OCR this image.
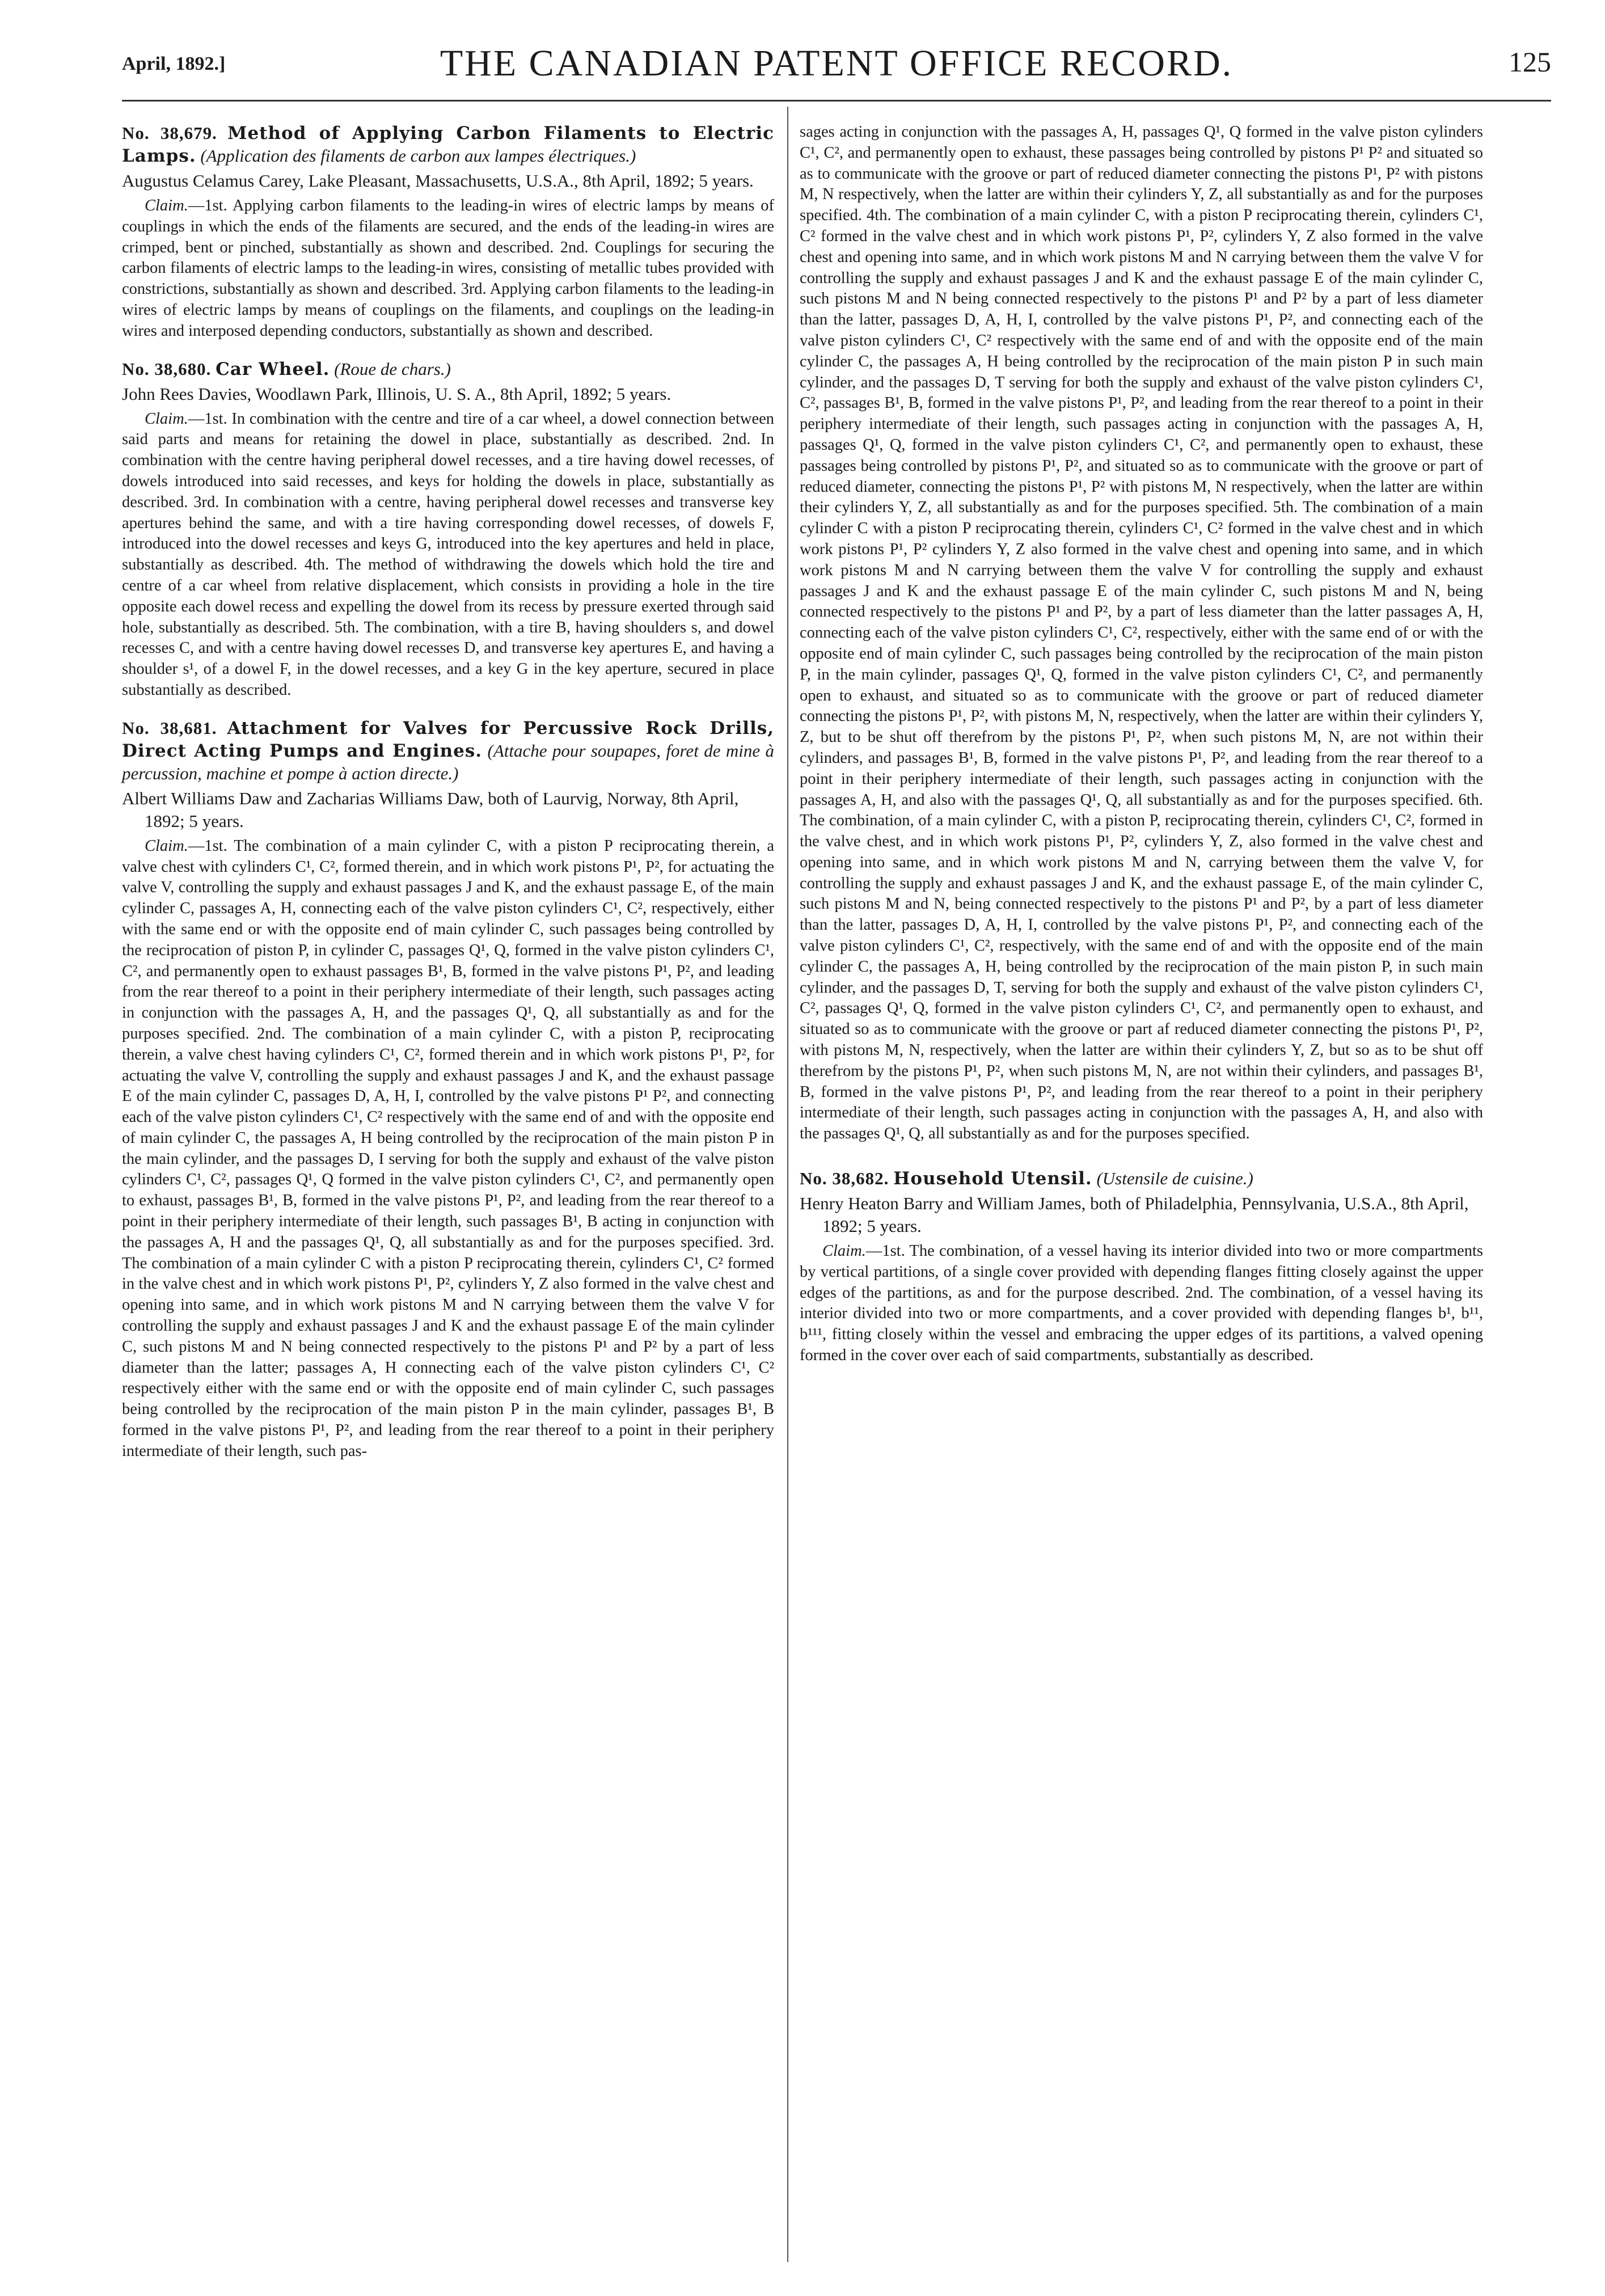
April, 1892.]	THE CANADIAN PATENT OFFICE RECORD.	125

No. 38,679. Method of Applying Carbon Filaments to Electric Lamps. (Application des filaments de carbon aux lampes électriques.)

Augustus Celamus Carey, Lake Pleasant, Massachusetts, U.S.A., 8th April, 1892; 5 years.

Claim.—1st. Applying carbon filaments to the leading-in wires of electric lamps by means of couplings in which the ends of the filaments are secured, and the ends of the leading-in wires are crimped, bent or pinched, substantially as shown and described. 2nd. Couplings for securing the carbon filaments of electric lamps to the leading-in wires, consisting of metallic tubes provided with constrictions, substantially as shown and described. 3rd. Applying carbon filaments to the leading-in wires of electric lamps by means of couplings on the filaments, and couplings on the leading-in wires and interposed depending conductors, substantially as shown and described.

No. 38,680. Car Wheel. (Roue de chars.)

John Rees Davies, Woodlawn Park, Illinois, U. S. A., 8th April, 1892; 5 years.

Claim.—1st. In combination with the centre and tire of a car wheel, a dowel connection between said parts and means for retaining the dowel in place, substantially as described. 2nd. In combination with the centre having peripheral dowel recesses, and a tire having dowel recesses, of dowels introduced into said recesses, and keys for holding the dowels in place, substantially as described. 3rd. In combination with a centre, having peripheral dowel recesses and transverse key apertures behind the same, and with a tire having corresponding dowel recesses, of dowels F, introduced into the dowel recesses and keys G, introduced into the key apertures and held in place, substantially as described. 4th. The method of withdrawing the dowels which hold the tire and centre of a car wheel from relative displacement, which consists in providing a hole in the tire opposite each dowel recess and expelling the dowel from its recess by pressure exerted through said hole, substantially as described. 5th. The combination, with a tire B, having shoulders s, and dowel recesses C, and with a centre having dowel recesses D, and transverse key apertures E, and having a shoulder s¹, of a dowel F, in the dowel recesses, and a key G in the key aperture, secured in place substantially as described.

No. 38,681. Attachment for Valves for Percussive Rock Drills, Direct Acting Pumps and Engines. (Attache pour soupapes, foret de mine à percussion, machine et pompe à action directe.)

Albert Williams Daw and Zacharias Williams Daw, both of Laurvig, Norway, 8th April, 1892; 5 years.

Claim.—1st. The combination of a main cylinder C, with a piston P reciprocating therein, a valve chest with cylinders C¹, C², formed therein, and in which work pistons P¹, P², for actuating the valve V, controlling the supply and exhaust passages J and K, and the exhaust passage E, of the main cylinder C, passages A, H, connecting each of the valve piston cylinders C¹, C², respectively, either with the same end or with the opposite end of main cylinder C, such passages being controlled by the reciprocation of piston P, in cylinder C, passages Q¹, Q, formed in the valve piston cylinders C¹, C², and permanently open to exhaust passages B¹, B, formed in the valve pistons P¹, P², and leading from the rear thereof to a point in their periphery intermediate of their length, such passages acting in conjunction with the passages A, H, and the passages Q¹, Q, all substantially as and for the purposes specified. 2nd. The combination of a main cylinder C, with a piston P, reciprocating therein, a valve chest having cylinders C¹, C², formed therein and in which work pistons P¹, P², for actuating the valve V, controlling the supply and exhaust passages J and K, and the exhaust passage E of the main cylinder C, passages D, A, H, I, controlled by the valve pistons P¹ P², and connecting each of the valve piston cylinders C¹, C² respectively with the same end of and with the opposite end of main cylinder C, the passages A, H being controlled by the reciprocation of the main piston P in the main cylinder, and the passages D, I serving for both the supply and exhaust of the valve piston cylinders C¹, C², passages Q¹, Q formed in the valve piston cylinders C¹, C², and permanently open to exhaust, passages B¹, B, formed in the valve pistons P¹, P², and leading from the rear thereof to a point in their periphery intermediate of their length, such passages B¹, B acting in conjunction with the passages A, H and the passages Q¹, Q, all substantially as and for the purposes specified. 3rd. The combination of a main cylinder C with a piston P reciprocating therein, cylinders C¹, C² formed in the valve chest and in which work pistons P¹, P², cylinders Y, Z also formed in the valve chest and opening into same, and in which work pistons M and N carrying between them the valve V for controlling the supply and exhaust passages J and K and the exhaust passage E of the main cylinder C, such pistons M and N being connected respectively to the pistons P¹ and P² by a part of less diameter than the latter; passages A, H connecting each of the valve piston cylinders C¹, C² respectively either with the same end or with the opposite end of main cylinder C, such passages being controlled by the reciprocation of the main piston P in the main cylinder, passages B¹, B formed in the valve pistons P¹, P², and leading from the rear thereof to a point in their periphery intermediate of their length, such pas-

sages acting in conjunction with the passages A, H, passages Q¹, Q formed in the valve piston cylinders C¹, C², and permanently open to exhaust, these passages being controlled by pistons P¹ P² and situated so as to communicate with the groove or part of reduced diameter connecting the pistons P¹, P² with pistons M, N respectively, when the latter are within their cylinders Y, Z, all substantially as and for the purposes specified. 4th. The combination of a main cylinder C, with a piston P reciprocating therein, cylinders C¹, C² formed in the valve chest and in which work pistons P¹, P², cylinders Y, Z also formed in the valve chest and opening into same, and in which work pistons M and N carrying between them the valve V for controlling the supply and exhaust passages J and K and the exhaust passage E of the main cylinder C, such pistons M and N being connected respectively to the pistons P¹ and P² by a part of less diameter than the latter, passages D, A, H, I, controlled by the valve pistons P¹, P², and connecting each of the valve piston cylinders C¹, C² respectively with the same end of and with the opposite end of the main cylinder C, the passages A, H being controlled by the reciprocation of the main piston P in such main cylinder, and the passages D, T serving for both the supply and exhaust of the valve piston cylinders C¹, C², passages B¹, B, formed in the valve pistons P¹, P², and leading from the rear thereof to a point in their periphery intermediate of their length, such passages acting in conjunction with the passages A, H, passages Q¹, Q, formed in the valve piston cylinders C¹, C², and permanently open to exhaust, these passages being controlled by pistons P¹, P², and situated so as to communicate with the groove or part of reduced diameter, connecting the pistons P¹, P² with pistons M, N respectively, when the latter are within their cylinders Y, Z, all substantially as and for the purposes specified. 5th. The combination of a main cylinder C with a piston P reciprocating therein, cylinders C¹, C² formed in the valve chest and in which work pistons P¹, P² cylinders Y, Z also formed in the valve chest and opening into same, and in which work pistons M and N carrying between them the valve V for controlling the supply and exhaust passages J and K and the exhaust passage E of the main cylinder C, such pistons M and N, being connected respectively to the pistons P¹ and P², by a part of less diameter than the latter passages A, H, connecting each of the valve piston cylinders C¹, C², respectively, either with the same end of or with the opposite end of main cylinder C, such passages being controlled by the reciprocation of the main piston P, in the main cylinder, passages Q¹, Q, formed in the valve piston cylinders C¹, C², and permanently open to exhaust, and situated so as to communicate with the groove or part of reduced diameter connecting the pistons P¹, P², with pistons M, N, respectively, when the latter are within their cylinders Y, Z, but to be shut off therefrom by the pistons P¹, P², when such pistons M, N, are not within their cylinders, and passages B¹, B, formed in the valve pistons P¹, P², and leading from the rear thereof to a point in their periphery intermediate of their length, such passages acting in conjunction with the passages A, H, and also with the passages Q¹, Q, all substantially as and for the purposes specified. 6th. The combination, of a main cylinder C, with a piston P, reciprocating therein, cylinders C¹, C², formed in the valve chest, and in which work pistons P¹, P², cylinders Y, Z, also formed in the valve chest and opening into same, and in which work pistons M and N, carrying between them the valve V, for controlling the supply and exhaust passages J and K, and the exhaust passage E, of the main cylinder C, such pistons M and N, being connected respectively to the pistons P¹ and P², by a part of less diameter than the latter, passages D, A, H, I, controlled by the valve pistons P¹, P², and connecting each of the valve piston cylinders C¹, C², respectively, with the same end of and with the opposite end of the main cylinder C, the passages A, H, being controlled by the reciprocation of the main piston P, in such main cylinder, and the passages D, T, serving for both the supply and exhaust of the valve piston cylinders C¹, C², passages Q¹, Q, formed in the valve piston cylinders C¹, C², and permanently open to exhaust, and situated so as to communicate with the groove or part af reduced diameter connecting the pistons P¹, P², with pistons M, N, respectively, when the latter are within their cylinders Y, Z, but so as to be shut off therefrom by the pistons P¹, P², when such pistons M, N, are not within their cylinders, and passages B¹, B, formed in the valve pistons P¹, P², and leading from the rear thereof to a point in their periphery intermediate of their length, such passages acting in conjunction with the passages A, H, and also with the passages Q¹, Q, all substantially as and for the purposes specified.

No. 38,682. Household Utensil. (Ustensile de cuisine.)

Henry Heaton Barry and William James, both of Philadelphia, Pennsylvania, U.S.A., 8th April, 1892; 5 years.

Claim.—1st. The combination, of a vessel having its interior divided into two or more compartments by vertical partitions, of a single cover provided with depending flanges fitting closely against the upper edges of the partitions, as and for the purpose described. 2nd. The combination, of a vessel having its interior divided into two or more compartments, and a cover provided with depending flanges b¹, b¹¹, b¹¹¹, fitting closely within the vessel and embracing the upper edges of its partitions, a valved opening formed in the cover over each of said compartments, substantially as described.
